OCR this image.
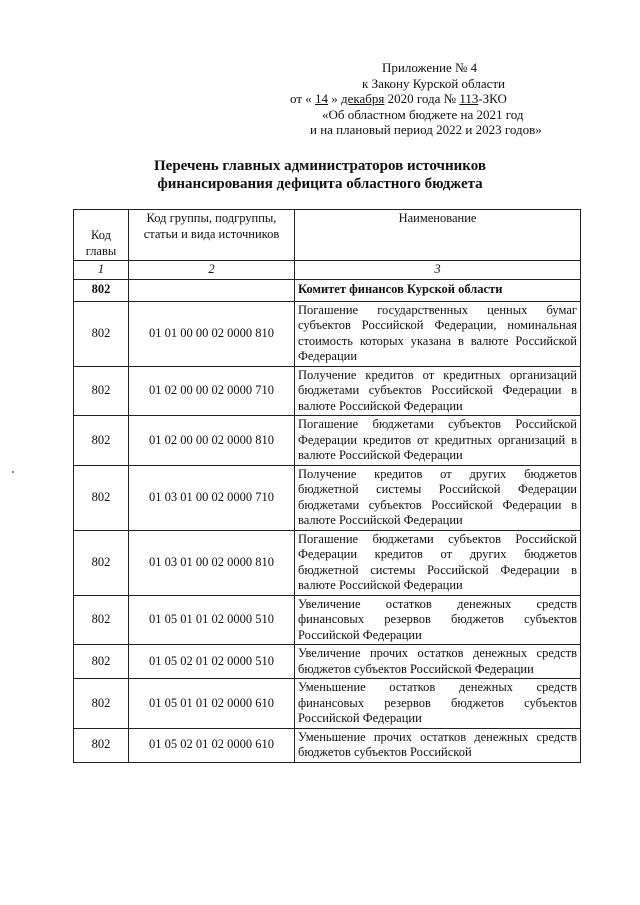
Приложение № 4
к Закону Курской области
от « 14 » декабря 2020 года № 113-ЗКО
«Об областном бюджете на 2021 год
и на плановый период 2022 и 2023 годов»
Перечень главных администраторов источников
финансирования дефицита областного бюджета
Код главы	Код группы, подгруппы, статьи и вида источников	Наименование
1	2	3
802		Комитет финансов Курской области
802	01 01 00 00 02 0000 810	Погашение государственных ценных бумаг субъектов Российской Федерации, номинальная стоимость которых указана в валюте Российской Федерации
802	01 02 00 00 02 0000 710	Получение кредитов от кредитных организаций бюджетами субъектов Российской Федерации в валюте Российской Федерации
802	01 02 00 00 02 0000 810	Погашение бюджетами субъектов Российской Федерации кредитов от кредитных организаций в валюте Российской Федерации
802	01 03 01 00 02 0000 710	Получение кредитов от других бюджетов бюджетной системы Российской Федерации бюджетами субъектов Российской Федерации в валюте Российской Федерации
802	01 03 01 00 02 0000 810	Погашение бюджетами субъектов Российской Федерации кредитов от других бюджетов бюджетной системы Российской Федерации в валюте Российской Федерации
802	01 05 01 01 02 0000 510	Увеличение остатков денежных средств финансовых резервов бюджетов субъектов Российской Федерации
802	01 05 02 01 02 0000 510	Увеличение прочих остатков денежных средств бюджетов субъектов Российской Федерации
802	01 05 01 01 02 0000 610	Уменьшение остатков денежных средств финансовых резервов бюджетов субъектов Российской Федерации
802	01 05 02 01 02 0000 610	Уменьшение прочих остатков денежных средств бюджетов субъектов Российской
